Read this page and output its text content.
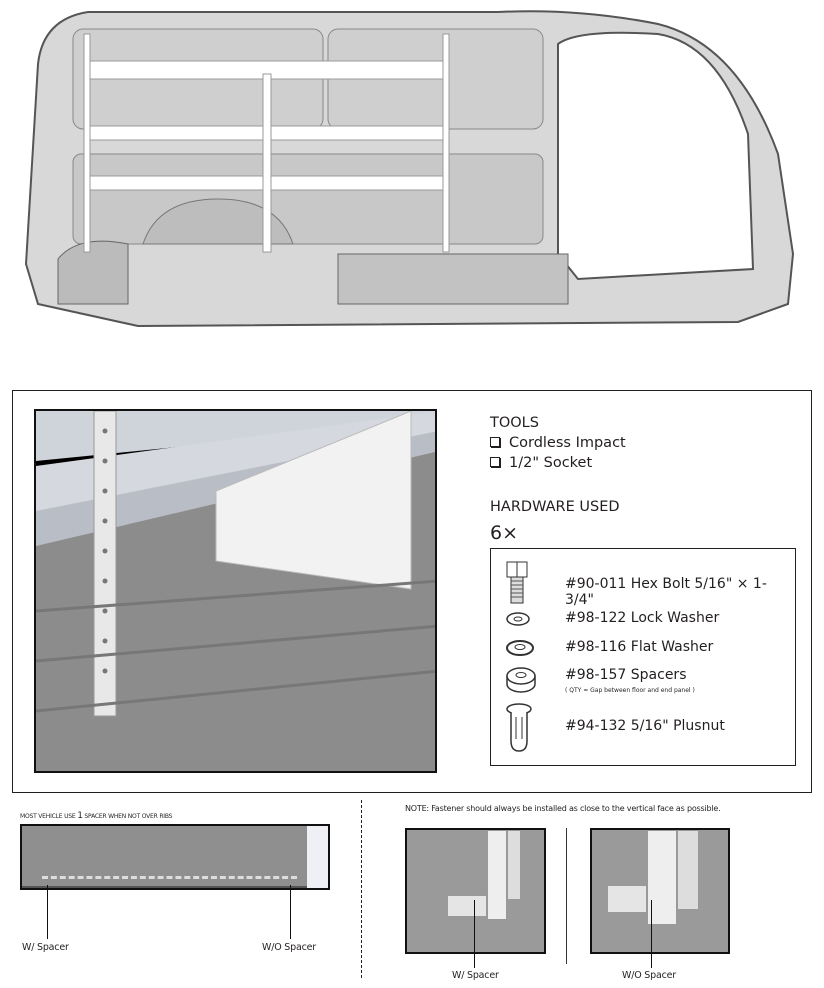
TOOLS
Cordless Impact
1/2" Socket
HARDWARE USED
6×
#90-011 Hex Bolt 5/16" × 1-3/4"
#98-122 Lock Washer
#98-116 Flat Washer
#98-157 Spacers
( QTY = Gap between floor and end panel )
#94-132 5/16" Plusnut
MOST VEHICLE USE 1 SPACER WHEN NOT OVER RIBS
W/ Spacer	W/O Spacer
NOTE: Fastener should always be installed as close to the vertical face as possible.
W/ Spacer	W/O Spacer
